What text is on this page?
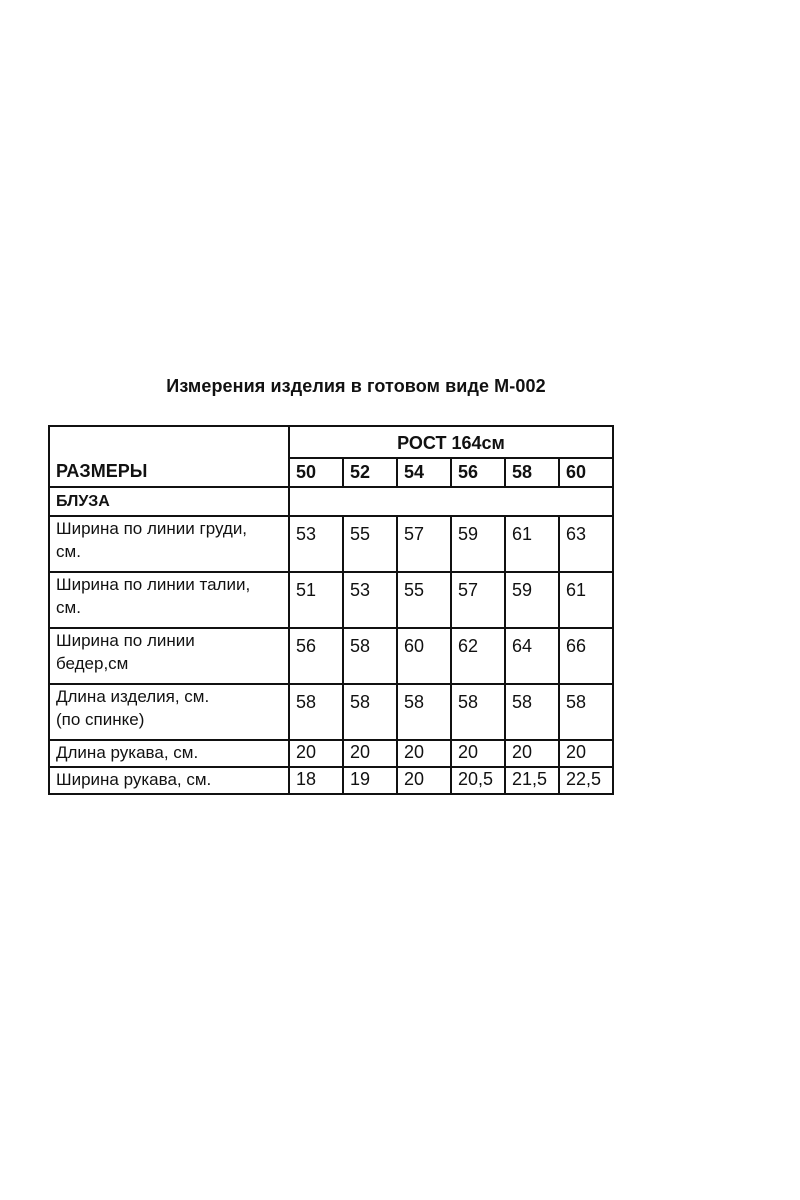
Измерения изделия в готовом виде М-002
РАЗМЕРЫ	РОСТ 164см					
	50	52	54	56	58	60
БЛУЗА						

Ширина по линии груди,
см.	53	55	57	59	61	63

Ширина по линии талии,
см.	51	53	55	57	59	61

Ширина по линии
бедер,см	56	58	60	62	64	66

Длина изделия, см.
(по спинке)	58	58	58	58	58	58

Длина рукава, см.	20	20	20	20	20	20

Ширина рукава, см.	18	19	20	20,5	21,5	22,5
